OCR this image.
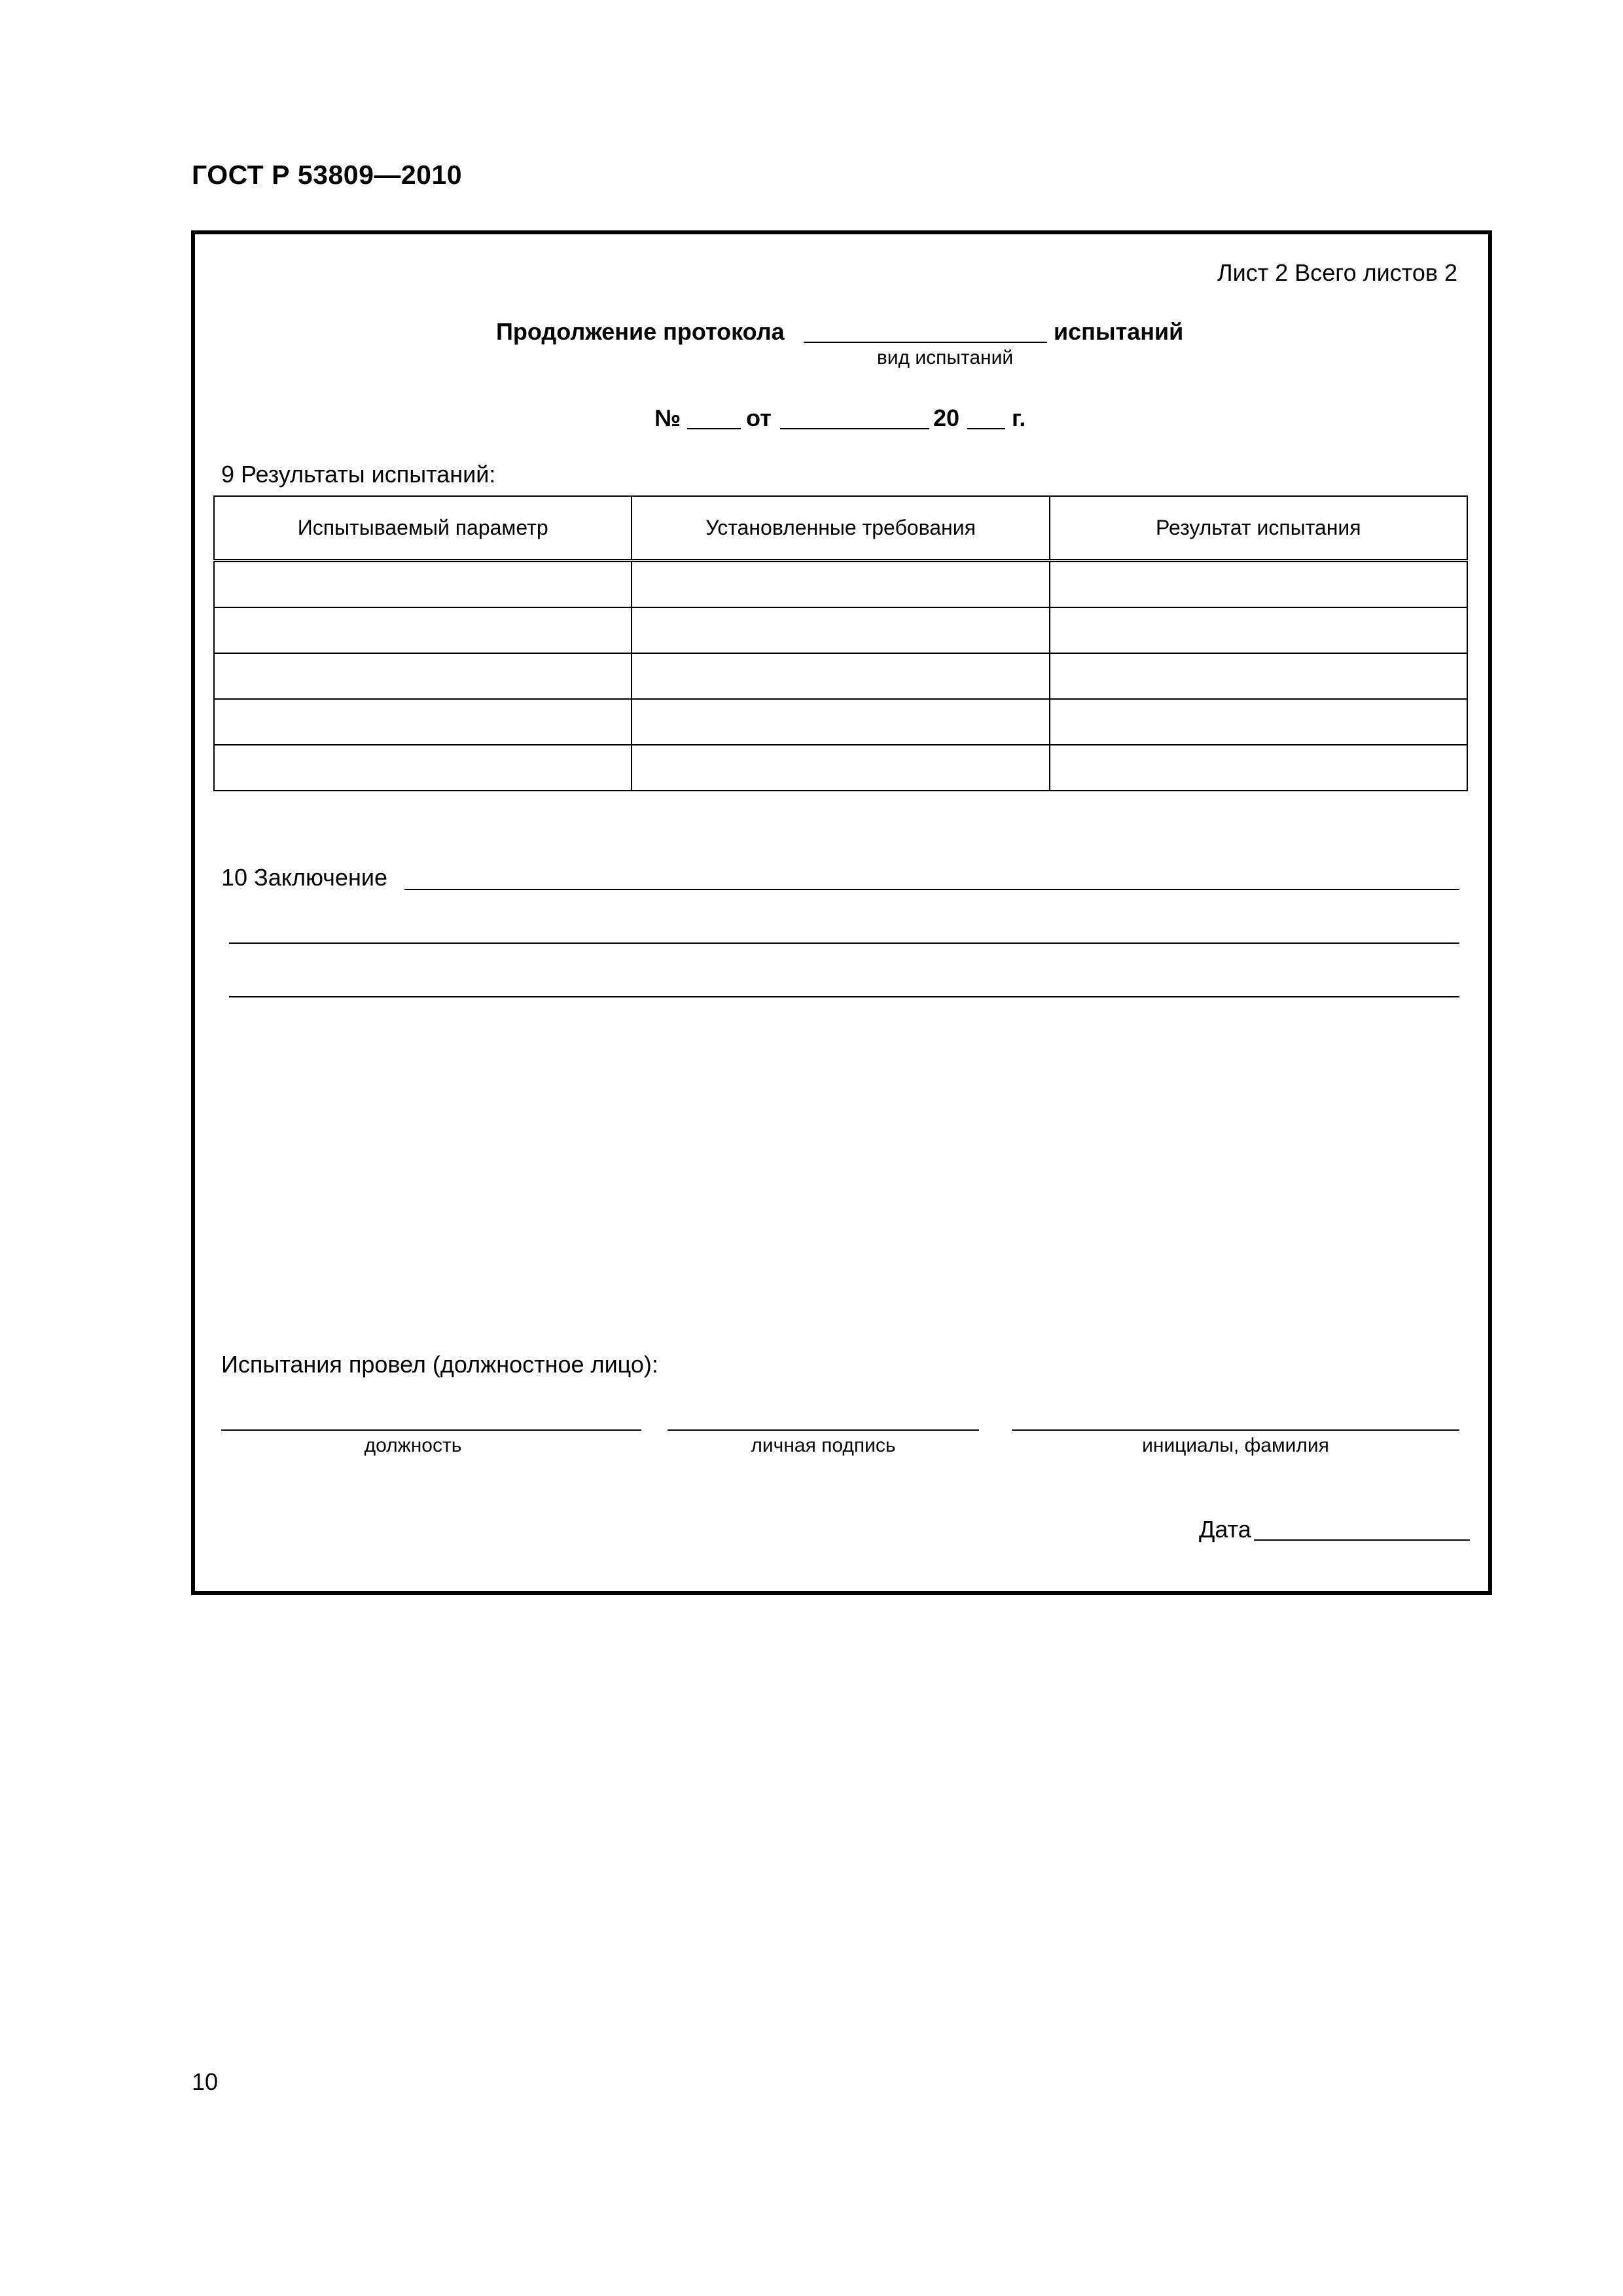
ГОСТ Р 53809—2010
Лист 2 Всего листов 2
Продолжение протокола	испытаний
вид испытаний
№	от	20 г.
9 Результаты испытаний:
Испытываемый параметр	Установленные требования	Результат испытания

10 Заключение
Испытания провел (должностное лицо):
должность	личная подпись	инициалы, фамилия
Дата
10
